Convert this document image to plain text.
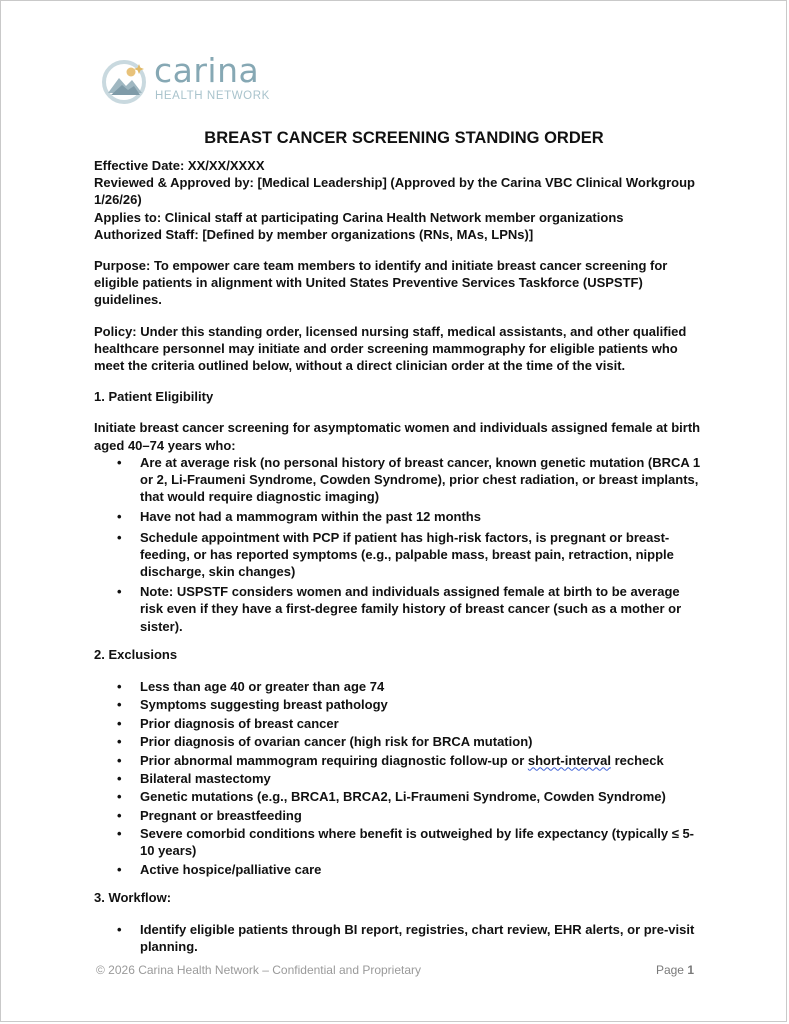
carina
HEALTH NETWORK
BREAST CANCER SCREENING STANDING ORDER

Effective Date: XX/XX/XXXX

Reviewed & Approved by: [Medical Leadership] (Approved by the Carina VBC Clinical Workgroup 1/26/26)

Applies to: Clinical staff at participating Carina Health Network member organizations

Authorized Staff: [Defined by member organizations (RNs, MAs, LPNs)]

Purpose: To empower care team members to identify and initiate breast cancer screening for eligible patients in alignment with United States Preventive Services Taskforce (USPSTF) guidelines.

Policy: Under this standing order, licensed nursing staff, medical assistants, and other qualified healthcare personnel may initiate and order screening mammography for eligible patients who meet the criteria outlined below, without a direct clinician order at the time of the visit.

1. Patient Eligibility

Initiate breast cancer screening for asymptomatic women and individuals assigned female at birth aged 40–74 years who:

• Are at average risk (no personal history of breast cancer, known genetic mutation (BRCA 1 or 2, Li-Fraumeni Syndrome, Cowden Syndrome), prior chest radiation, or breast implants, that would require diagnostic imaging)
• Have not had a mammogram within the past 12 months
• Schedule appointment with PCP if patient has high-risk factors, is pregnant or breast-feeding, or has reported symptoms (e.g., palpable mass, breast pain, retraction, nipple discharge, skin changes)
• Note: USPSTF considers women and individuals assigned female at birth to be average risk even if they have a first-degree family history of breast cancer (such as a mother or sister).
2. Exclusions
• Less than age 40 or greater than age 74
• Symptoms suggesting breast pathology
• Prior diagnosis of breast cancer
• Prior diagnosis of ovarian cancer (high risk for BRCA mutation)
• Prior abnormal mammogram requiring diagnostic follow-up or short-interval recheck
• Bilateral mastectomy
• Genetic mutations (e.g., BRCA1, BRCA2, Li-Fraumeni Syndrome, Cowden Syndrome)
• Pregnant or breastfeeding
• Severe comorbid conditions where benefit is outweighed by life expectancy (typically ≤ 5-10 years)
• Active hospice/palliative care
3. Workflow:
• Identify eligible patients through BI report, registries, chart review, EHR alerts, or pre-visit planning.
© 2026 Carina Health Network – Confidential and Proprietary	Page 1
